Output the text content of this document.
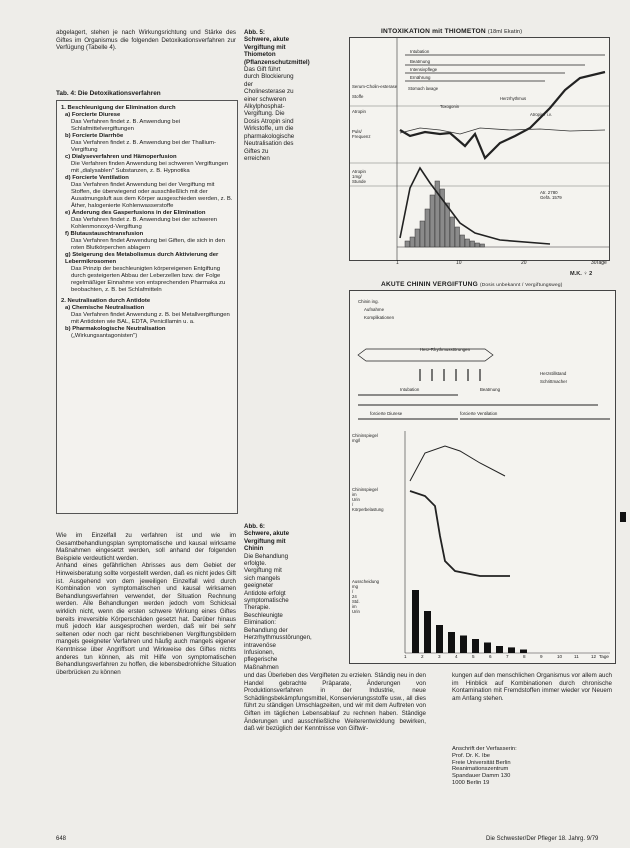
abgelagert, stehen je nach Wirkungsrichtung und Stärke des Giftes im Organismus die folgenden Detoxikationsverfahren zur Verfügung (Tabelle 4).

Tab. 4: Die Detoxikationsverfahren
1. Beschleunigung der Elimination durch
a) Forcierte Diurese
Das Verfahren findet z. B. Anwendung bei Schlafmittelvergiftungen
b) Forcierte Diarrhöe
Das Verfahren findet z. B. Anwendung bei der Thallium-Vergiftung
c) Dialyseverfahren und Hämoperfusion
Die Verfahren finden Anwendung bei schweren Vergiftungen mit „dialysablen" Substanzen, z. B. Hypnotika
d) Forcierte Ventilation
Das Verfahren findet Anwendung bei der Vergiftung mit Stoffen, die überwiegend oder ausschließlich mit der Ausatmungsluft aus dem Körper ausgeschieden werden, z. B. Äther, halogenierte Kohlenwasserstoffe
e) Änderung des Gasperfusions in der Elimination
Das Verfahren findet z. B. Anwendung bei der schweren Kohlenmonoxyd-Vergiftung
f) Blutaustauschtransfusion
Das Verfahren findet Anwendung bei Giften, die sich in den roten Blutkörperchen ablagern
g) Steigerung des Metabolismus durch Aktivierung der Lebermikrosomen
Das Prinzip der beschleunigten körpereigenen Entgiftung durch gesteigerten Abbau der Leberzellen bzw. der Folge regelmäßiger Einnahme von entsprechenden Pharmaka zu beobachten, z. B. bei Schlafmitteln
2. Neutralisation durch Antidote
a) Chemische Neutralisation
Das Verfahren findet Anwendung z. B. bei Metallvergiftungen mit Antidoten wie BAL, EDTA, Penicillamin u. a.
b) Pharmakologische Neutralisation
(„Wirkungsantagonisten")
Abb. 5:
Schwere, akute Vergiftung mit Thiometon (Pflanzenschutzmittel)
Das Gift führt durch Blockierung der Cholinesterase zu einer schweren Alkylphosphat-Vergiftung. Die Dosis Atropin sind Wirkstoffe, um die pharmakologische Neutralisation des Giftes zu erreichen
INTOXIKATION mit THIOMETON (18ml Ekatin)
Serum-Cholin-esterase
Stoffe
Atropin
Puls/
Frequenz
Atropin
1mg/
Stunde
Intubation
Beatmung
Intensivpflege
Ernährung
Stomach lavage
Herzrhythmus
Toxogonin
Atropin / i.v.
1	10	20	30 Tage
M.K. ♀ 2
Atr. 2780
Gefä. 1579
AKUTE CHININ VERGIFTUNG (Dosis unbekannt / Vergiftungsweg)
Chinin ing.
Aufnahme
Komplikationen
Herz-Rhythmusstörungen
Herzstillstand
Schrittmacher
Beatmung
Intubation
forcierte Diurese	forcierte Ventilation
Chininspiegel
mg/l
Chininspiegel
im
Urin
/
Körperbelastung
Ausscheidung
mg
/
24
Std.
im
Urin
1	2	3	4	5	6	7	8	9	10	11	12 Tage
Abb. 6:
Schwere, akute Vergiftung mit Chinin
Die Behandlung erfolgte. Vergiftung mit sich mangels geeigneter Antidote erfolgt symptomatische Therapie. Beschleunigte Elimination: Behandlung der Herzrhythmusstörungen, intravenöse Infusionen, pflegerische Maßnahmen

Wie im Einzelfall zu verfahren ist und wie im Gesamtbehandlungsplan symptomatische und kausal wirksame Maßnahmen eingesetzt werden, soll anhand der folgenden Beispiele verdeutlicht werden.

Anhand eines gefährlichen Abrisses aus dem Gebiet der Hinweisberatung sollte vorgestellt werden, daß es nicht jedes Gift ist. Ausgehend von dem jeweiligen Einzelfall wird durch Kombination von symptomatischen und kausal wirksamen Behandlungsverfahren verwendet, der Situation Rechnung werden. Alle Behandlungen werden jedoch vom Schicksal wirklich nicht, wenn die ersten schwere Wirkung eines Giftes bereits irreversible Körperschäden gesetzt hat. Darüber hinaus muß jedoch klar ausgesprochen werden, daß wir bei sehr seltenen oder noch gar nicht beschriebenen Vergiftungsbildern mangels geeigneter Verfahren und häufig auch mangels eigener Kenntnisse über Angriffsort und Wirkweise des Giftes nichts anderes tun können, als mit Hilfe von symptomatischen Behandlungsverfahren zu hoffen, die lebensbedrohliche Situation überbrücken zu können	und das Überleben des Vergifteten zu erzielen. Ständig neu in den Handel gebrachte Präparate, Änderungen von Produktionsverfahren in der Industrie, neue Schädlingsbekämpfungsmittel, Konservierungsstoffe usw., all dies führt zu ständigen Umschlagzeiten, und wir mit dem Auftreten von Giften im täglichen Lebensablauf zu rechnen haben. Ständige Änderungen und ausschließliche Weiterentwicklung bewirken, daß wir bezüglich der Kenntnisse von Giftwir-

kungen auf den menschlichen Organismus vor allem auch im Hinblick auf Kombinationen durch chronische Kontamination mit Fremdstoffen immer wieder vor Neuem am Anfang stehen.

Anschrift der Verfasserin:
Prof. Dr. K. Ibe
Freie Universität Berlin
Reanimationszentrum
Spandauer Damm 130
1000 Berlin 19
648	Die Schwester/Der Pfleger 18. Jahrg. 9/79
